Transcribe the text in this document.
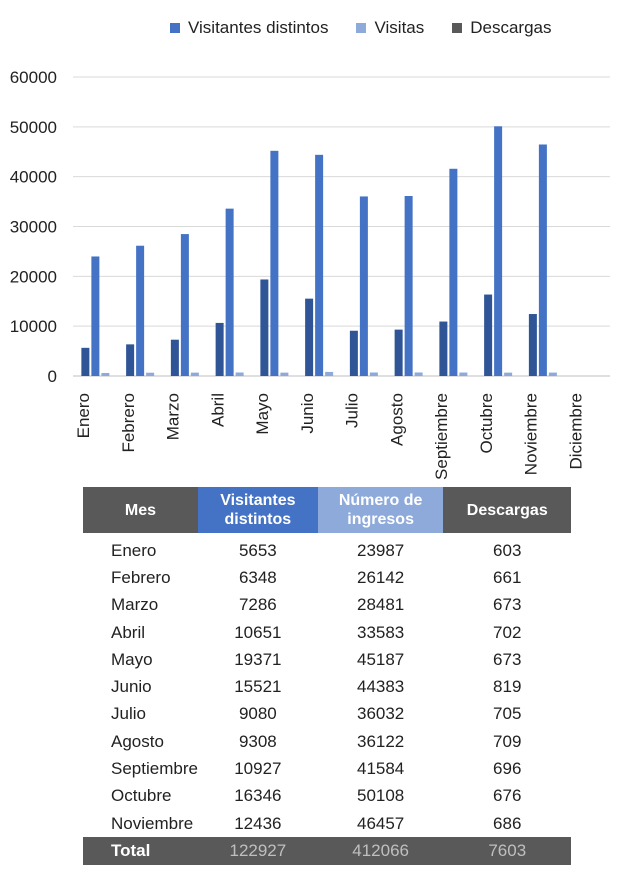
Visitantes distintos	Visitas	Descargas
0
10000
20000
30000
40000
50000
60000
Enero Febrero Marzo Abril Mayo Junio Julio Agosto Septiembre Octubre Noviembre Diciembre
Mes	Visitantes distintos	Número de ingresos	Descargas

Enero	5653	23987	603
Febrero	6348	26142	661
Marzo	7286	28481	673
Abril	10651	33583	702
Mayo	19371	45187	673
Junio	15521	44383	819
Julio	9080	36032	705
Agosto	9308	36122	709
Septiembre	10927	41584	696
Octubre	16346	50108	676
Noviembre	12436	46457	686
Total	122927	412066	7603
